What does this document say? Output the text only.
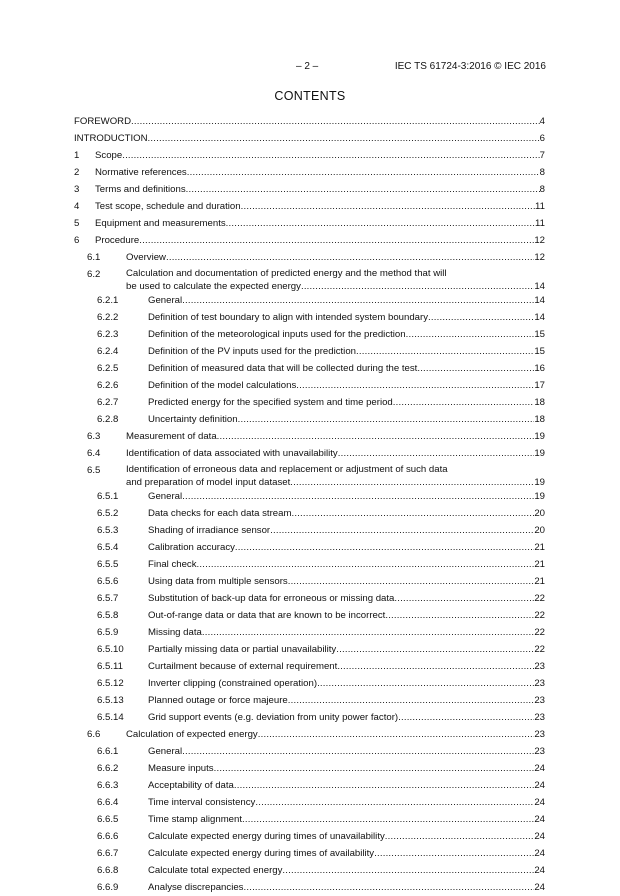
– 2 –	IEC TS 61724-3:2016 © IEC 2016
CONTENTS
FOREWORD .....	4
INTRODUCTION .....	6
1 Scope .....	7
2 Normative references .....	8
3 Terms and definitions .....	8
4 Test scope, schedule and duration .....	11
5 Equipment and measurements .....	11
6 Procedure .....	12
6.1	Overview .....	12
6.2	Calculation and documentation of predicted energy and the method that will
be used to calculate the expected energy .....	14
6.2.1	General .....	14
6.2.2	Definition of test boundary to align with intended system boundary .....	14
6.2.3	Definition of the meteorological inputs used for the prediction .....	15
6.2.4	Definition of the PV inputs used for the prediction .....	15
6.2.5	Definition of measured data that will be collected during the test .....	16
6.2.6	Definition of the model calculations .....	17
6.2.7	Predicted energy for the specified system and time period .....	18
6.2.8	Uncertainty definition .....	18
6.3	Measurement of data .....	19
6.4	Identification of data associated with unavailability .....	19
6.5	Identification of erroneous data and replacement or adjustment of such data
and preparation of model input dataset .....	19
6.5.1	General .....	19
6.5.2	Data checks for each data stream .....	20
6.5.3	Shading of irradiance sensor .....	20
6.5.4	Calibration accuracy .....	21
6.5.5	Final check .....	21
6.5.6	Using data from multiple sensors .....	21
6.5.7	Substitution of back-up data for erroneous or missing data .....	22
6.5.8	Out-of-range data or data that are known to be incorrect .....	22
6.5.9	Missing data .....	22
6.5.10	Partially missing data or partial unavailability .....	22
6.5.11	Curtailment because of external requirement .....	23
6.5.12	Inverter clipping (constrained operation) .....	23
6.5.13	Planned outage or force majeure .....	23
6.5.14	Grid support events (e.g. deviation from unity power factor) .....	23
6.6	Calculation of expected energy .....	23
6.6.1	General .....	23
6.6.2	Measure inputs .....	24
6.6.3	Acceptability of data .....	24
6.6.4	Time interval consistency .....	24
6.6.5	Time stamp alignment .....	24
6.6.6	Calculate expected energy during times of unavailability .....	24
6.6.7	Calculate expected energy during times of availability .....	24
6.6.8	Calculate total expected energy .....	24
6.6.9	Analyse discrepancies .....	24
